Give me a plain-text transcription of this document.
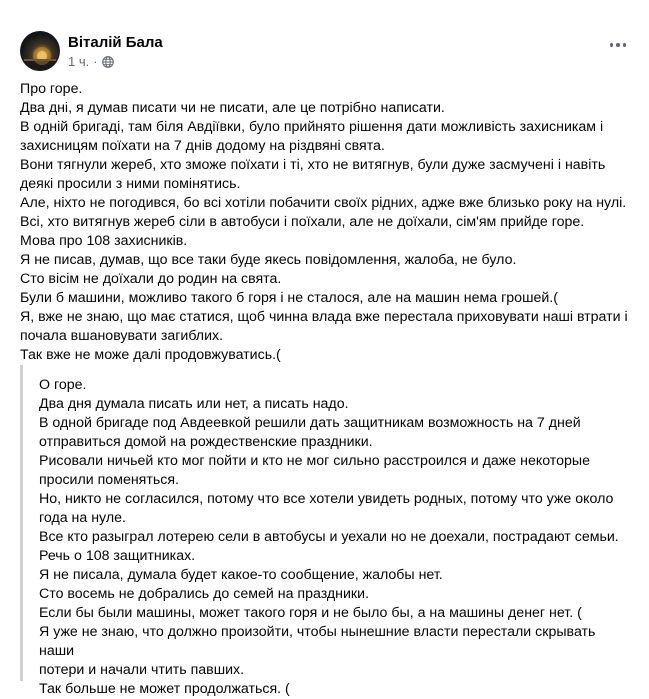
Віталій Бала
1 ч. ·

Про горе.

Два дні, я думав писати чи не писати, але це потрібно написати.

В одній бригаді, там біля Авдіївки, було прийнято рішення дати можливість захисникам і

захисницям поїхати на 7 днів додому на різдвяні свята.

Вони тягнули жереб, хто зможе поїхати і ті, хто не витягнув, були дуже засмучені і навіть

деякі просили з ними помінятись.

Але, ніхто не погодився, бо всі хотіли побачити своїх рідних, адже вже близько року на нулі.

Всі, хто витягнув жереб сіли в автобуси і поїхали, але не доїхали, сім'ям прийде горе.

Мова про 108 захисників.

Я не писав, думав, що все таки буде якесь повідомлення, жалоба, не було.

Сто вісім не доїхали до родин на свята.

Були б машини, можливо такого б горя і не сталося, але на машин нема грошей.(

Я, вже не знаю, що має статися, щоб чинна влада вже перестала приховувати наші втрати і

почала вшановувати загиблих.

Так вже не може далі продовжуватись.(

О горе.

Два дня думала писать или нет, а писать надо.

В одной бригаде под Авдеевкой решили дать защитникам возможность на 7 дней

отправиться домой на рождественские праздники.

Рисовали ничьей кто мог пойти и кто не мог сильно расстроился и даже некоторые

просили поменяться.

Но, никто не согласился, потому что все хотели увидеть родных, потому что уже около

года на нуле.

Все кто разыграл лотерею сели в автобусы и уехали но не доехали, пострадают семьи.

Речь о 108 защитниках.

Я не писала, думала будет какое-то сообщение, жалобы нет.

Сто восемь не добрались до семей на праздники.

Если бы были машины, может такого горя и не было бы, а на машины денег нет. (

Я уже не знаю, что должно произойти, чтобы нынешние власти перестали скрывать наши

потери и начали чтить павших.

Так больше не может продолжаться. (
